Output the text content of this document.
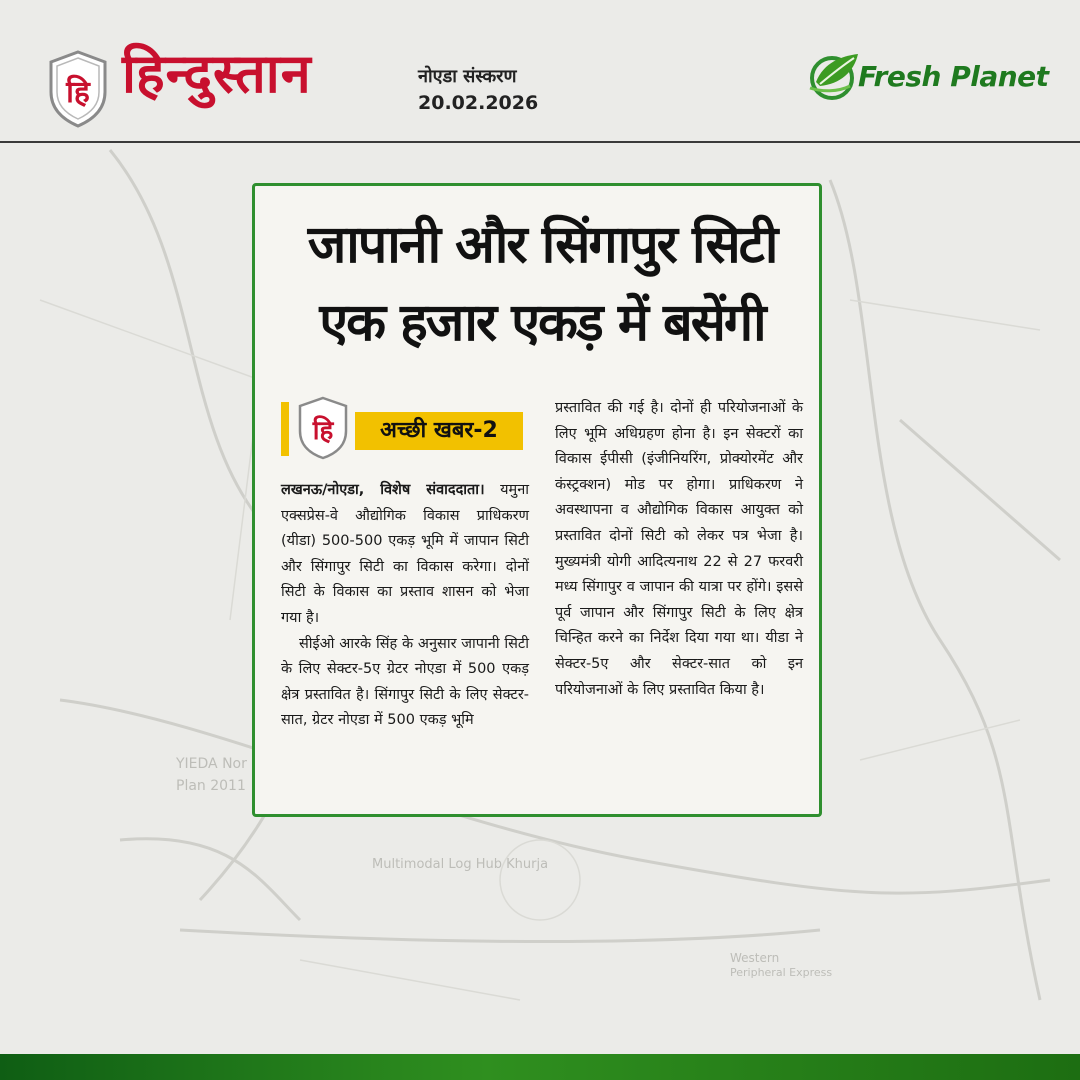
Multimodal Log Hub Khurja
YIEDA Nor
Plan 2011
Western
Peripheral Express
हि हिन्दुस्तान	नोएडा संस्करण
20.02.2026
Fresh Planet
जापानी और सिंगापुर सिटी
एक हजार एकड़ में बसेंगी
हि	अच्छी खबर-2

लखनऊ/नोएडा, विशेष संवाददाता। यमुना एक्सप्रेस-वे औद्योगिक विकास प्राधिकरण (यीडा) 500-500 एकड़ भूमि में जापान सिटी और सिंगापुर सिटी का विकास करेगा। दोनों सिटी के विकास का प्रस्ताव शासन को भेजा गया है।

सीईओ आरके सिंह के अनुसार जापानी सिटी के लिए सेक्टर-5ए ग्रेटर नोएडा में 500 एकड़ क्षेत्र प्रस्तावित है। सिंगापुर सिटी के लिए सेक्टर-सात, ग्रेटर नोएडा में 500 एकड़ भूमि

प्रस्तावित की गई है। दोनों ही परियोजनाओं के लिए भूमि अधिग्रहण होना है। इन सेक्टरों का विकास ईपीसी (इंजीनियरिंग, प्रोक्योरमेंट और कंस्ट्रक्शन) मोड पर होगा। प्राधिकरण ने अवस्थापना व औद्योगिक विकास आयुक्त को प्रस्तावित दोनों सिटी को लेकर पत्र भेजा है। मुख्यमंत्री योगी आदित्यनाथ 22 से 27 फरवरी मध्य सिंगापुर व जापान की यात्रा पर होंगे। इससे पूर्व जापान और सिंगापुर सिटी के लिए क्षेत्र चिन्हित करने का निर्देश दिया गया था। यीडा ने सेक्टर-5ए और सेक्टर-सात को इन परियोजनाओं के लिए प्रस्तावित किया है।
